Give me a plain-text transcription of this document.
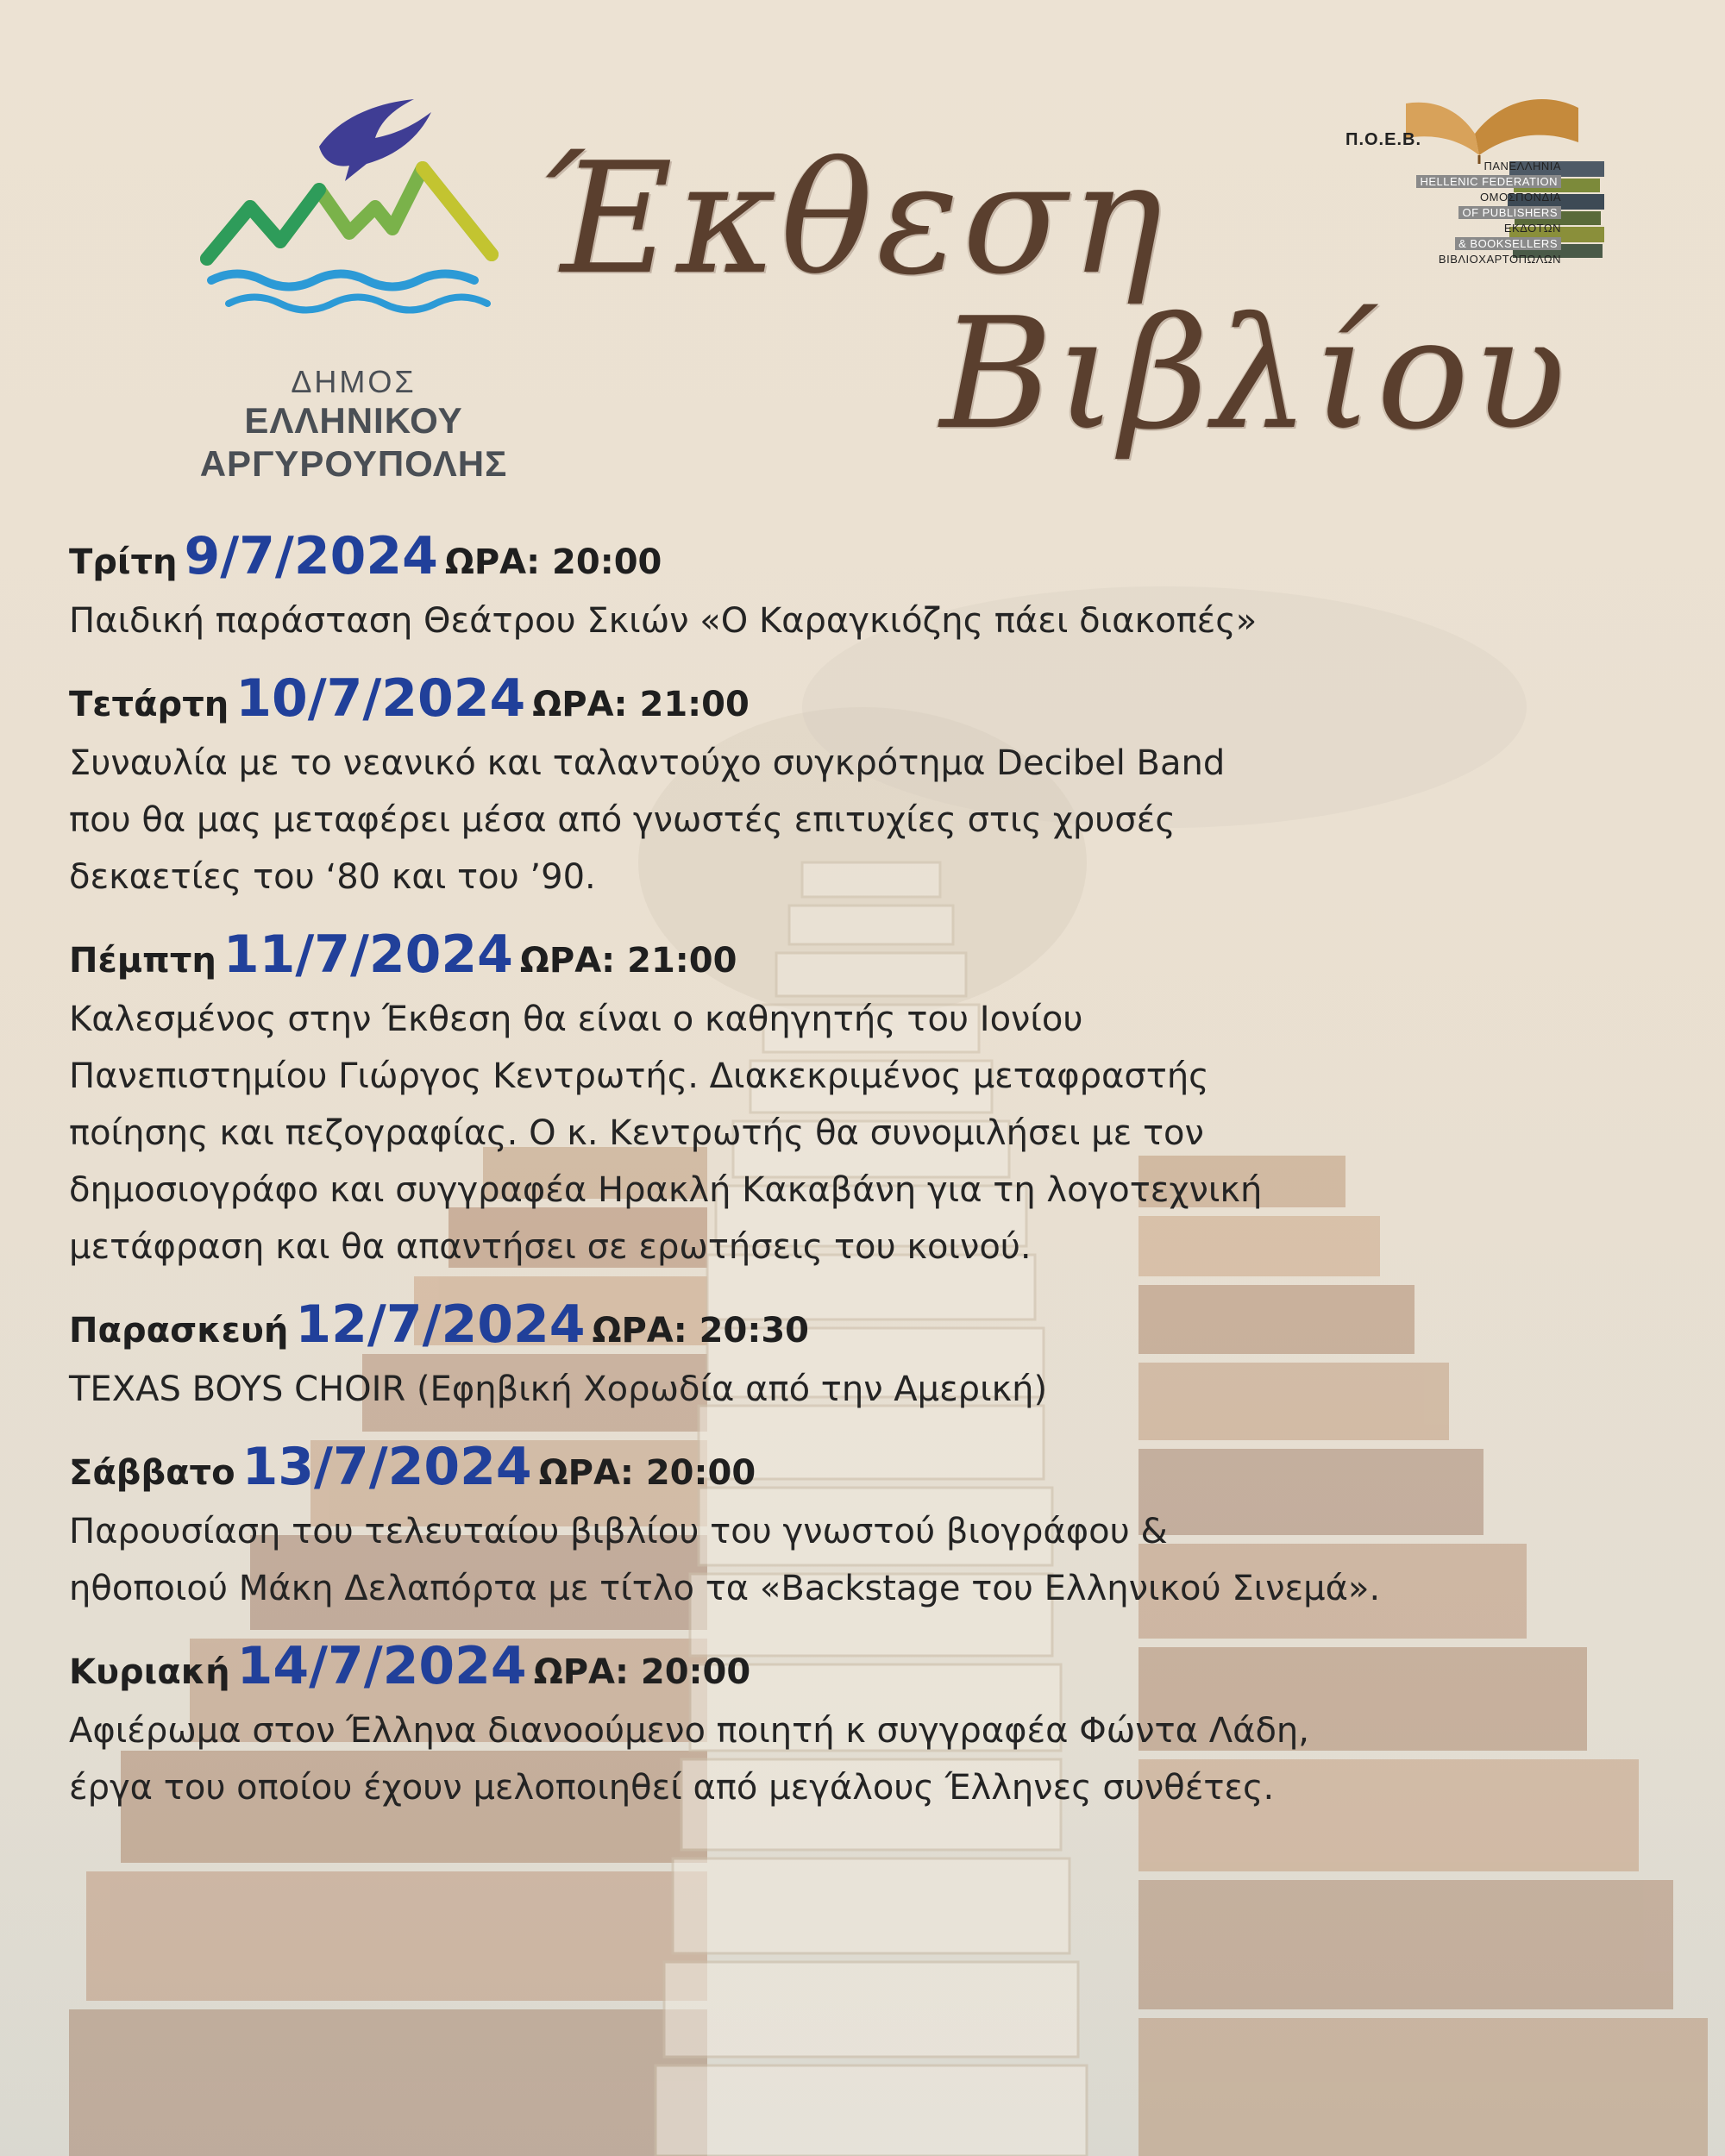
ΔΗΜΟΣ
ΕΛΛΗΝΙΚΟΥ
ΑΡΓΥΡΟΥΠΟΛΗΣ
Έκθεση
Βιβλίου
Π.Ο.Ε.Β.
ΠΑΝΕΛΛΗΝΙΑ
HELLENIC FEDERATION
ΟΜΟΣΠΟΝΔΙΑ
OF PUBLISHERS
ΕΚΔΟΤΩΝ
& BOOKSELLERS
ΒΙΒΛΙΟΧΑΡΤΟΠΩΛΩΝ
Τρίτη 9/7/2024 ΩΡΑ: 20:00
Παιδική παράσταση Θεάτρου Σκιών «Ο Καραγκιόζης πάει διακοπές»
Τετάρτη 10/7/2024 ΩΡΑ: 21:00
Συναυλία με το νεανικό και ταλαντούχο συγκρότημα Decibel Band
που θα μας μεταφέρει μέσα από γνωστές επιτυχίες στις χρυσές
δεκαετίες του ‘80 και του ’90.
Πέμπτη 11/7/2024 ΩΡΑ: 21:00
Καλεσμένος στην Έκθεση θα είναι ο καθηγητής του Ιονίου
Πανεπιστημίου Γιώργος Κεντρωτής. Διακεκριμένος μεταφραστής
ποίησης και πεζογραφίας. Ο κ. Κεντρωτής θα συνομιλήσει με τον
δημοσιογράφο και συγγραφέα Ηρακλή Κακαβάνη για τη λογοτεχνική
μετάφραση και θα απαντήσει σε ερωτήσεις του κοινού.
Παρασκευή 12/7/2024 ΩΡΑ: 20:30
TEXAS BOYS CHOIR (Εφηβική Χορωδία από την Αμερική)
Σάββατο 13/7/2024 ΩΡΑ: 20:00
Παρουσίαση του τελευταίου βιβλίου του γνωστού βιογράφου &
ηθοποιού Μάκη Δελαπόρτα με τίτλο τα «Backstage του Ελληνικού Σινεμά».
Κυριακή 14/7/2024 ΩΡΑ: 20:00
Αφιέρωμα στον Έλληνα διανοούμενο ποιητή κ συγγραφέα Φώντα Λάδη,
έργα του οποίου έχουν μελοποιηθεί από μεγάλους Έλληνες συνθέτες.
